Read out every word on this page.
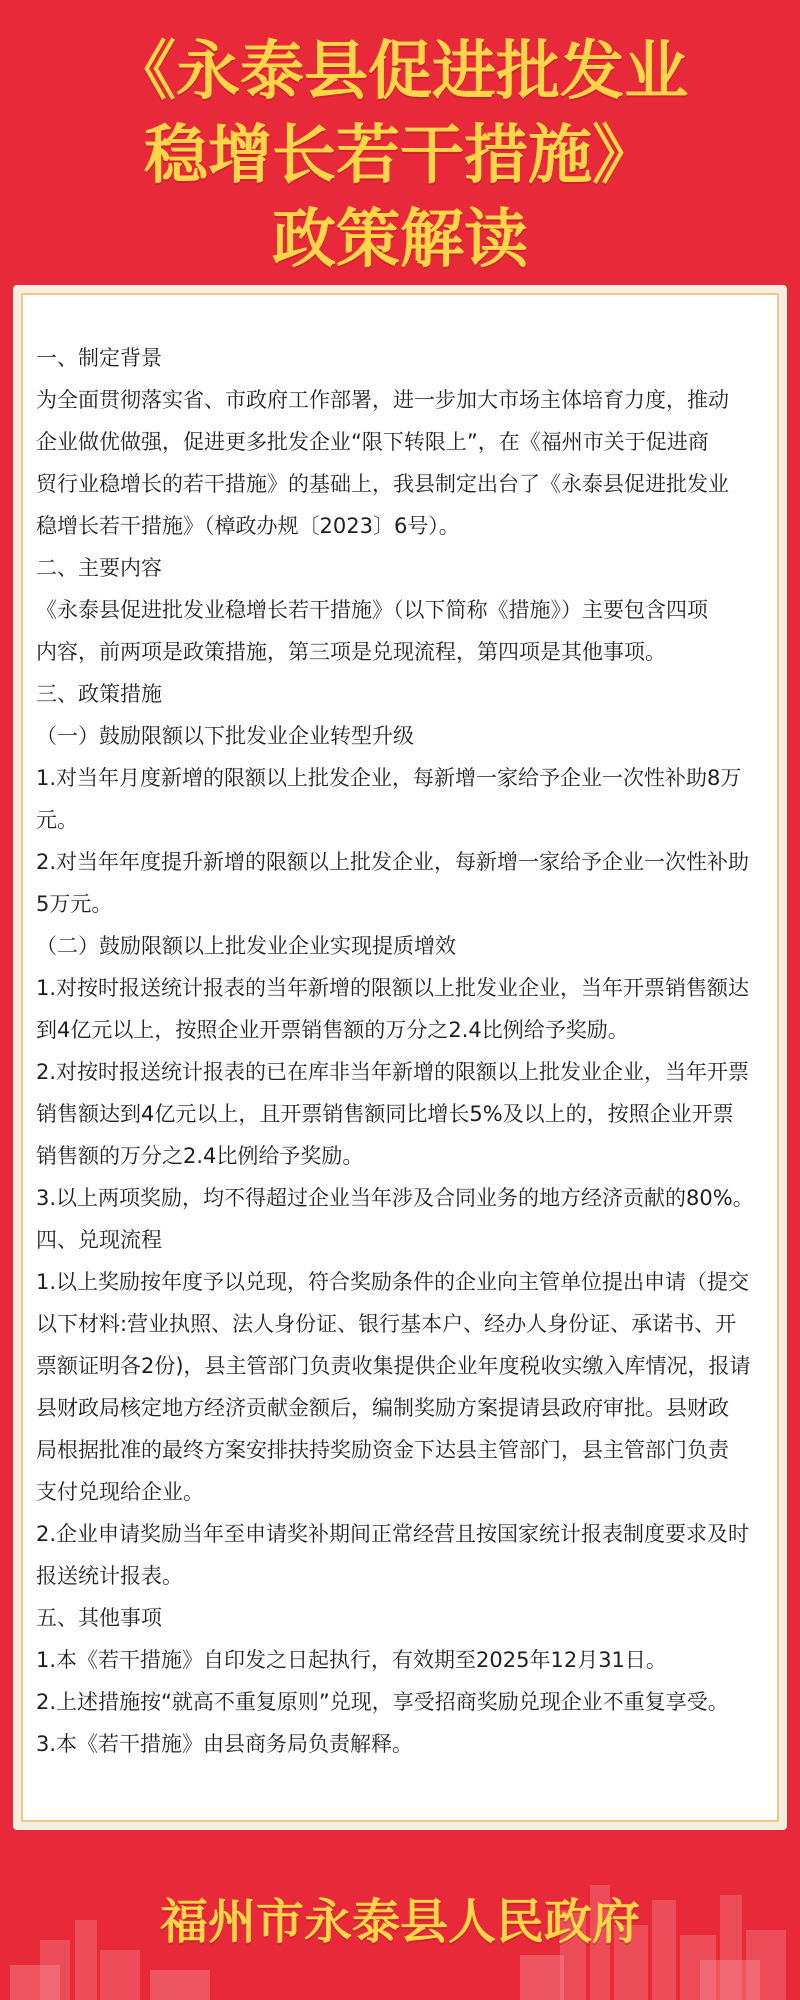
《永泰县促进批发业
稳增长若干措施》
政策解读
一、制定背景
为全面贯彻落实省、市政府工作部署，进一步加大市场主体培育力度，推动
企业做优做强，促进更多批发企业“限下转限上”，在《福州市关于促进商
贸行业稳增长的若干措施》的基础上，我县制定出台了《永泰县促进批发业
稳增长若干措施》（樟政办规〔2023〕6号）。
二、主要内容
《永泰县促进批发业稳增长若干措施》（以下简称《措施》）主要包含四项
内容，前两项是政策措施，第三项是兑现流程，第四项是其他事项。
三、政策措施
（一）鼓励限额以下批发业企业转型升级
1.对当年月度新增的限额以上批发企业，每新增一家给予企业一次性补助8万
元。
2.对当年年度提升新增的限额以上批发企业，每新增一家给予企业一次性补助
5万元。
（二）鼓励限额以上批发业企业实现提质增效
1.对按时报送统计报表的当年新增的限额以上批发业企业，当年开票销售额达
到4亿元以上，按照企业开票销售额的万分之2.4比例给予奖励。
2.对按时报送统计报表的已在库非当年新增的限额以上批发业企业，当年开票
销售额达到4亿元以上，且开票销售额同比增长5%及以上的，按照企业开票
销售额的万分之2.4比例给予奖励。
3.以上两项奖励，均不得超过企业当年涉及合同业务的地方经济贡献的80%。
四、兑现流程
1.以上奖励按年度予以兑现，符合奖励条件的企业向主管单位提出申请（提交
以下材料:营业执照、法人身份证、银行基本户、经办人身份证、承诺书、开
票额证明各2份)，县主管部门负责收集提供企业年度税收实缴入库情况，报请
县财政局核定地方经济贡献金额后，编制奖励方案提请县政府审批。县财政
局根据批准的最终方案安排扶持奖励资金下达县主管部门，县主管部门负责
支付兑现给企业。
2.企业申请奖励当年至申请奖补期间正常经营且按国家统计报表制度要求及时
报送统计报表。
五、其他事项
1.本《若干措施》自印发之日起执行，有效期至2025年12月31日。
2.上述措施按“就高不重复原则”兑现，享受招商奖励兑现企业不重复享受。
3.本《若干措施》由县商务局负责解释。
福州市永泰县人民政府
